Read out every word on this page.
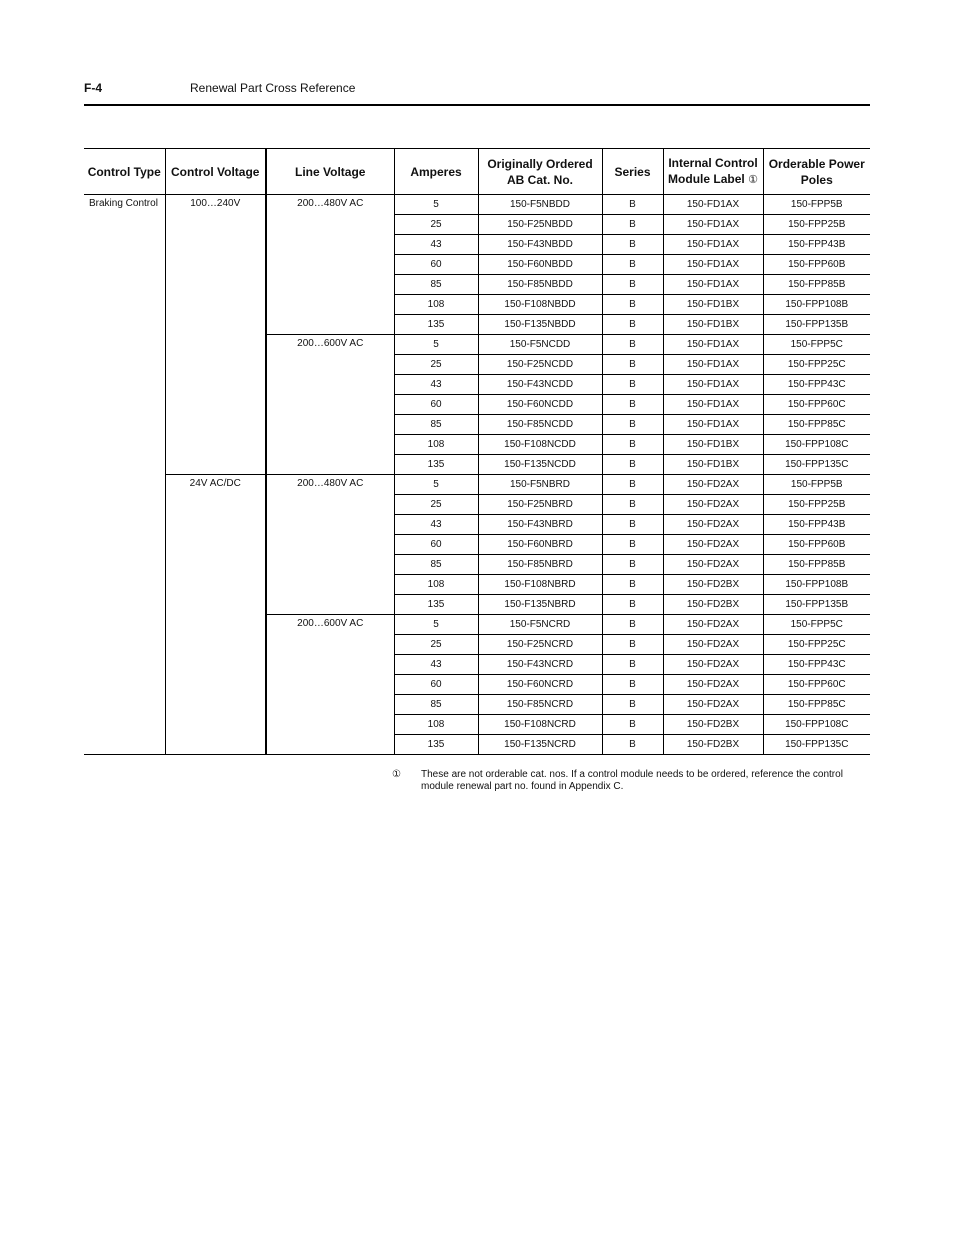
F-4	Renewal Part Cross Reference
Control Type	Control Voltage	Line Voltage	Amperes	Originally Ordered
AB Cat. No.	Series	Internal Control
Module Label ①	Orderable Power
Poles
Braking Control	100…240V	200…480V AC	5	150-F5NBDD	B	150-FD1AX	150-FPP5B
			25	150-F25NBDD	B	150-FD1AX	150-FPP25B
			43	150-F43NBDD	B	150-FD1AX	150-FPP43B
			60	150-F60NBDD	B	150-FD1AX	150-FPP60B
			85	150-F85NBDD	B	150-FD1AX	150-FPP85B
			108	150-F108NBDD	B	150-FD1BX	150-FPP108B
			135	150-F135NBDD	B	150-FD1BX	150-FPP135B
		200…600V AC	5	150-F5NCDD	B	150-FD1AX	150-FPP5C
			25	150-F25NCDD	B	150-FD1AX	150-FPP25C
			43	150-F43NCDD	B	150-FD1AX	150-FPP43C
			60	150-F60NCDD	B	150-FD1AX	150-FPP60C
			85	150-F85NCDD	B	150-FD1AX	150-FPP85C
			108	150-F108NCDD	B	150-FD1BX	150-FPP108C
			135	150-F135NCDD	B	150-FD1BX	150-FPP135C
	24V AC/DC	200…480V AC	5	150-F5NBRD	B	150-FD2AX	150-FPP5B
			25	150-F25NBRD	B	150-FD2AX	150-FPP25B
			43	150-F43NBRD	B	150-FD2AX	150-FPP43B
			60	150-F60NBRD	B	150-FD2AX	150-FPP60B
			85	150-F85NBRD	B	150-FD2AX	150-FPP85B
			108	150-F108NBRD	B	150-FD2BX	150-FPP108B
			135	150-F135NBRD	B	150-FD2BX	150-FPP135B
		200…600V AC	5	150-F5NCRD	B	150-FD2AX	150-FPP5C
			25	150-F25NCRD	B	150-FD2AX	150-FPP25C
			43	150-F43NCRD	B	150-FD2AX	150-FPP43C
			60	150-F60NCRD	B	150-FD2AX	150-FPP60C
			85	150-F85NCRD	B	150-FD2AX	150-FPP85C
			108	150-F108NCRD	B	150-FD2BX	150-FPP108C
			135	150-F135NCRD	B	150-FD2BX	150-FPP135C
① These are not orderable cat. nos. If a control module needs to be ordered, reference the control module renewal part no. found in Appendix C.
